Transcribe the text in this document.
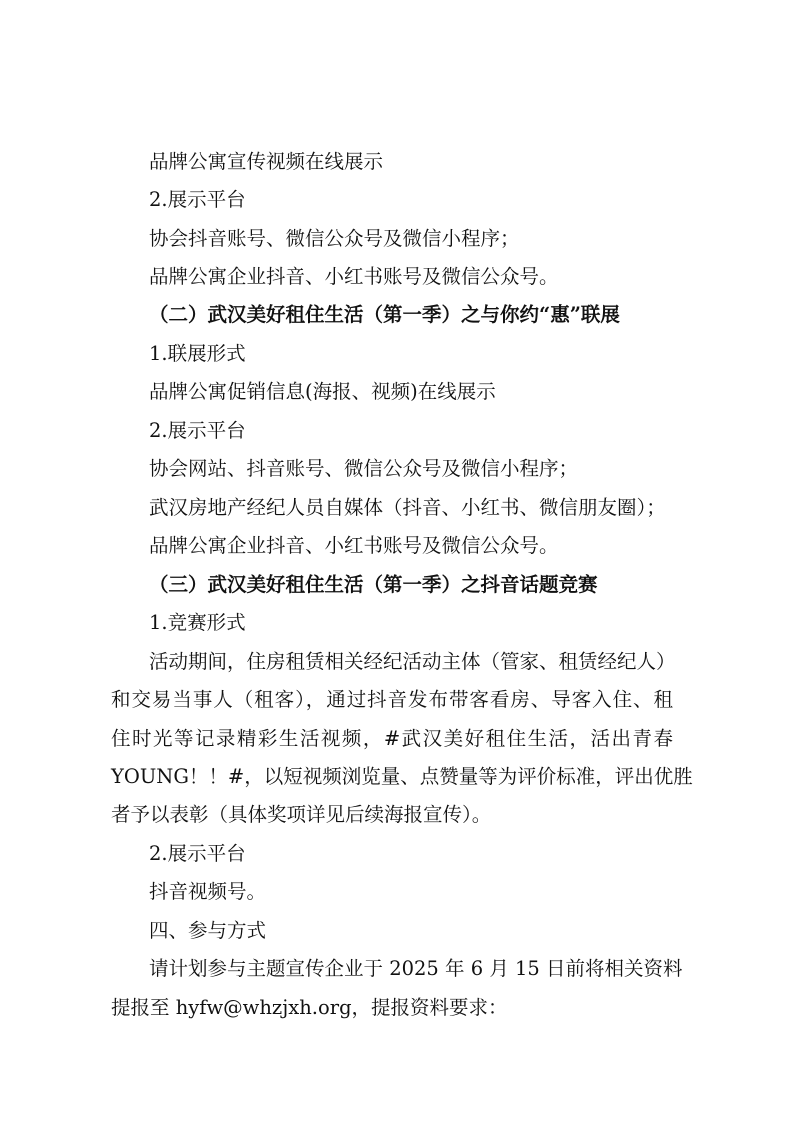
品牌公寓宣传视频在线展示
2.展示平台
协会抖音账号、微信公众号及微信小程序；
品牌公寓企业抖音、小红书账号及微信公众号。
（二）武汉美好租住生活（第一季）之与你约“惠”联展
1.联展形式
品牌公寓促销信息(海报、视频)在线展示
2.展示平台
协会网站、抖音账号、微信公众号及微信小程序；
武汉房地产经纪人员自媒体（抖音、小红书、微信朋友圈）；
品牌公寓企业抖音、小红书账号及微信公众号。
（三）武汉美好租住生活（第一季）之抖音话题竞赛
1.竞赛形式
活动期间，住房租赁相关经纪活动主体（管家、租赁经纪人）
和交易当事人（租客），通过抖音发布带客看房、导客入住、租
住时光等记录精彩生活视频，#武汉美好租住生活，活出青春
YOUNG！！#，以短视频浏览量、点赞量等为评价标准，评出优胜
者予以表彰（具体奖项详见后续海报宣传）。
2.展示平台
抖音视频号。
四、参与方式
请计划参与主题宣传企业于 2025 年 6 月 15 日前将相关资料
提报至 hyfw@whzjxh.org，提报资料要求：
